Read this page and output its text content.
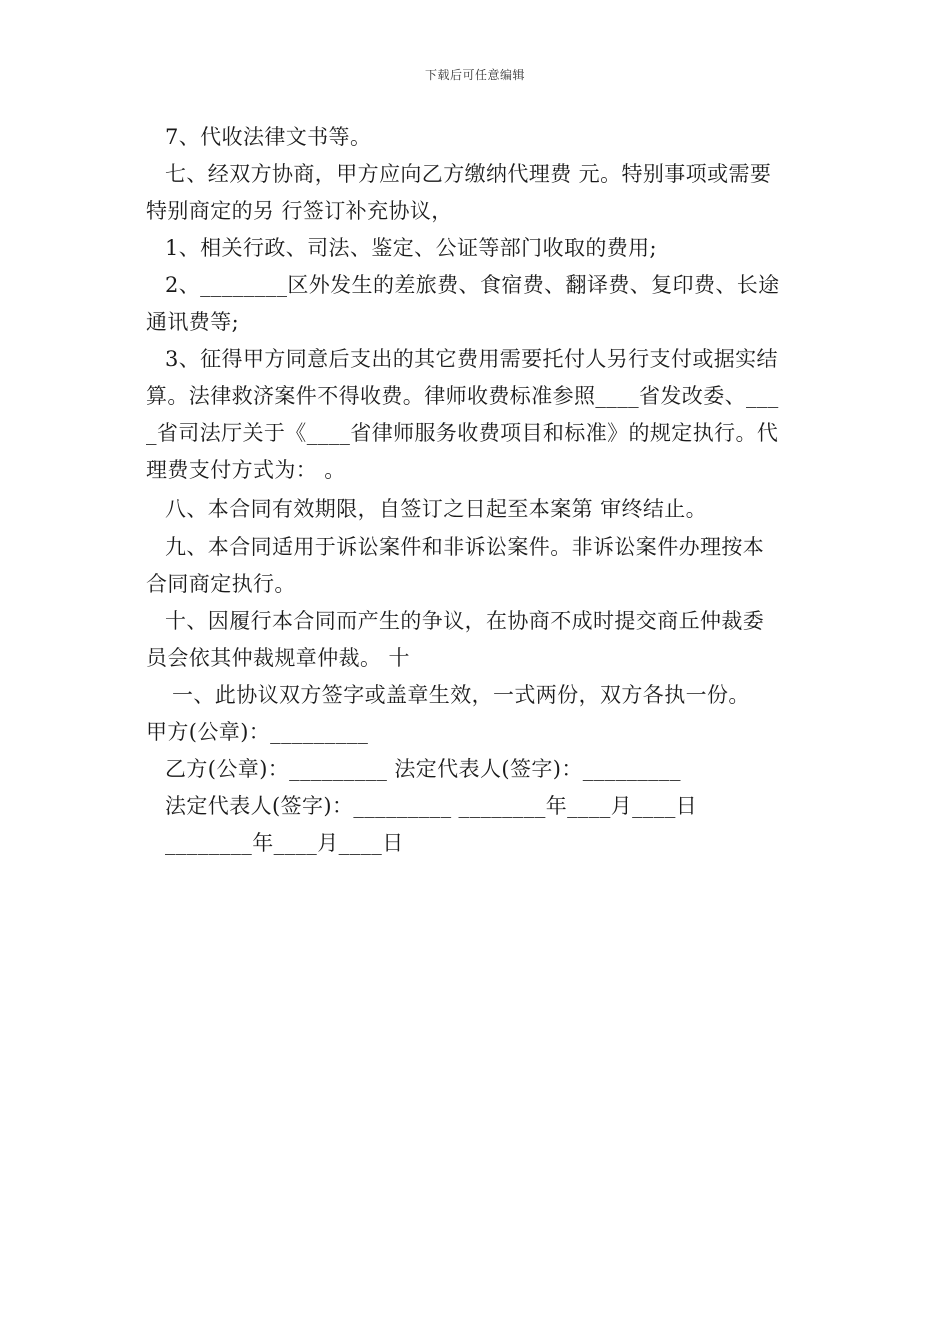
下载后可任意编辑
7、代收法律文书等。
七、经双方协商，甲方应向乙方缴纳代理费 元。特别事项或需要
特别商定的另 行签订补充协议，
1、相关行政、司法、鉴定、公证等部门收取的费用;
2、________区外发生的差旅费、食宿费、翻译费、复印费、长途
通讯费等;
3、征得甲方同意后支出的其它费用需要托付人另行支付或据实结
算。法律救济案件不得收费。律师收费标准参照____省发改委、___
_省司法厅关于《____省律师服务收费项目和标准》的规定执行。代
理费支付方式为： 。
八、本合同有效期限，自签订之日起至本案第 审终结止。
九、本合同适用于诉讼案件和非诉讼案件。非诉讼案件办理按本
合同商定执行。
十、因履行本合同而产生的争议，在协商不成时提交商丘仲裁委
员会依其仲裁规章仲裁。 十
一、此协议双方签字或盖章生效，一式两份，双方各执一份。
甲方(公章)：_________
乙方(公章)：_________ 法定代表人(签字)：_________
法定代表人(签字)：_________ ________年____月____日
________年____月____日
